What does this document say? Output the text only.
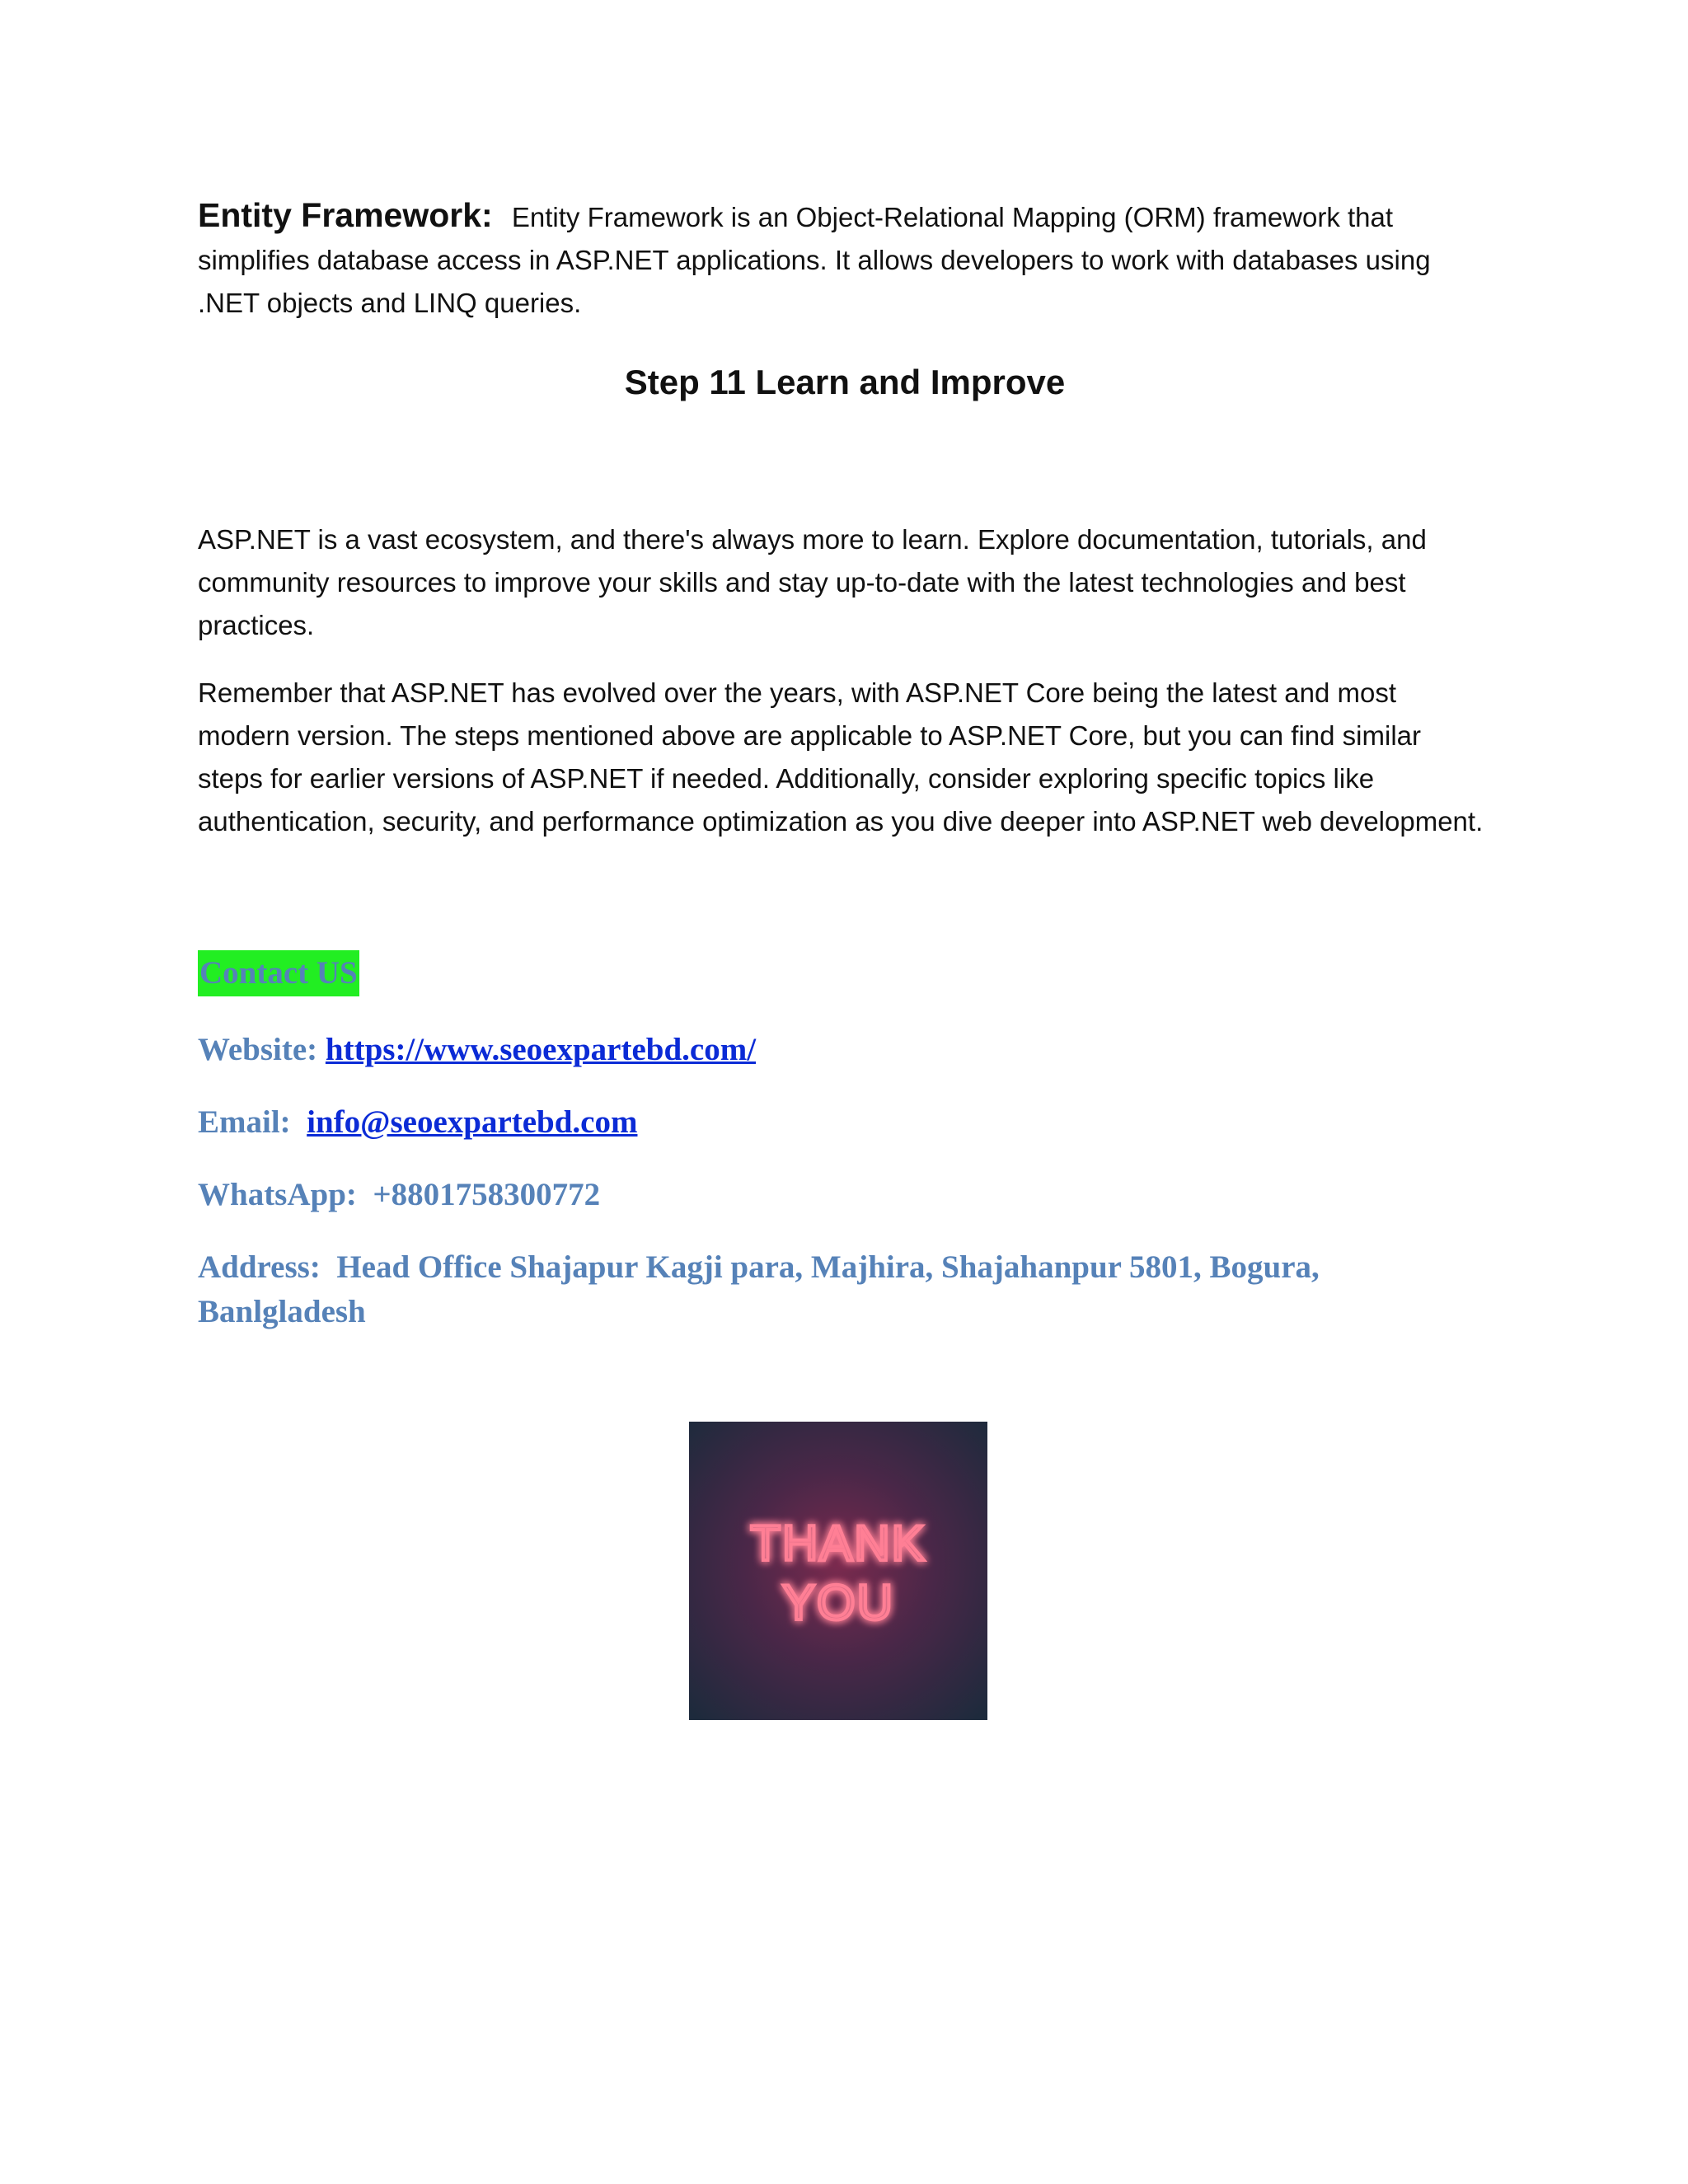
Entity Framework: Entity Framework is an Object-Relational Mapping (ORM) framework that simplifies database access in ASP.NET applications. It allows developers to work with databases using .NET objects and LINQ queries.

Step 11 Learn and Improve

ASP.NET is a vast ecosystem, and there's always more to learn. Explore documentation, tutorials, and community resources to improve your skills and stay up-to-date with the latest technologies and best practices.

Remember that ASP.NET has evolved over the years, with ASP.NET Core being the latest and most modern version. The steps mentioned above are applicable to ASP.NET Core, but you can find similar steps for earlier versions of ASP.NET if needed. Additionally, consider exploring specific topics like authentication, security, and performance optimization as you dive deeper into ASP.NET web development.

Contact US

Website: https://www.seoexpartebd.com/

Email: info@seoexpartebd.com

WhatsApp: +8801758300772

Address: Head Office Shajapur Kagji para, Majhira, Shajahanpur 5801, Bogura, Banlgladesh

THANK
YOU
